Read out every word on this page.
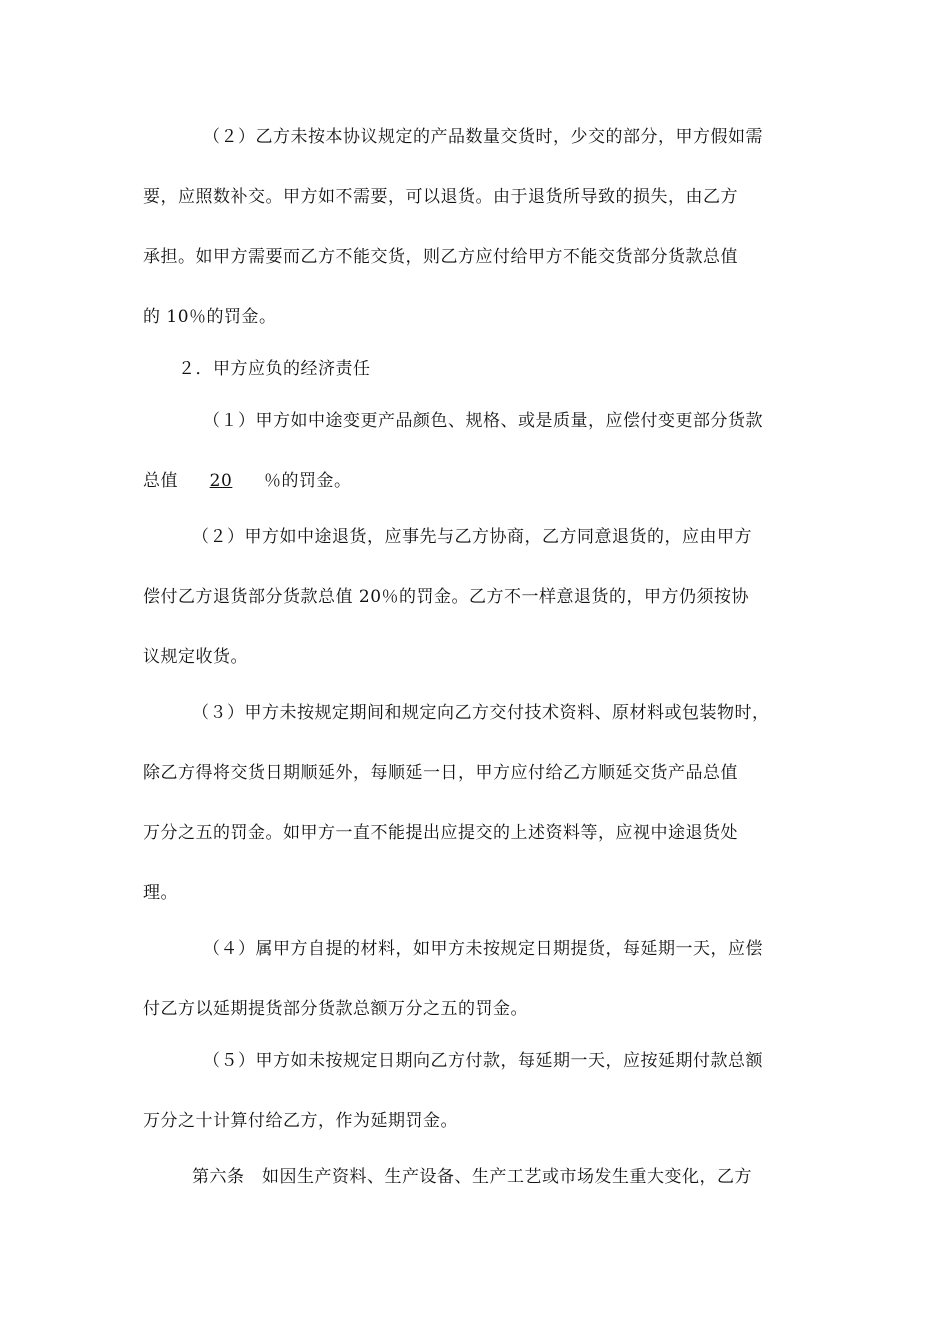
（２）乙方未按本协议规定的产品数量交货时，少交的部分，甲方假如需
要，应照数补交。甲方如不需要，可以退货。由于退货所导致的损失，由乙方
承担。如甲方需要而乙方不能交货，则乙方应付给甲方不能交货部分货款总值
的 10％的罚金。
２．甲方应负的经济责任
（１）甲方如中途变更产品颜色、规格、或是质量，应偿付变更部分货款
总值 20 ％的罚金。
（２）甲方如中途退货，应事先与乙方协商，乙方同意退货的，应由甲方
偿付乙方退货部分货款总值 20％的罚金。乙方不一样意退货的，甲方仍须按协
议规定收货。
（３）甲方未按规定期间和规定向乙方交付技术资料、原材料或包装物时，
除乙方得将交货日期顺延外，每顺延一日，甲方应付给乙方顺延交货产品总值
万分之五的罚金。如甲方一直不能提出应提交的上述资料等，应视中途退货处
理。
（４）属甲方自提的材料，如甲方未按规定日期提货，每延期一天，应偿
付乙方以延期提货部分货款总额万分之五的罚金。
（５）甲方如未按规定日期向乙方付款，每延期一天，应按延期付款总额
万分之十计算付给乙方，作为延期罚金。
第六条　如因生产资料、生产设备、生产工艺或市场发生重大变化，乙方
